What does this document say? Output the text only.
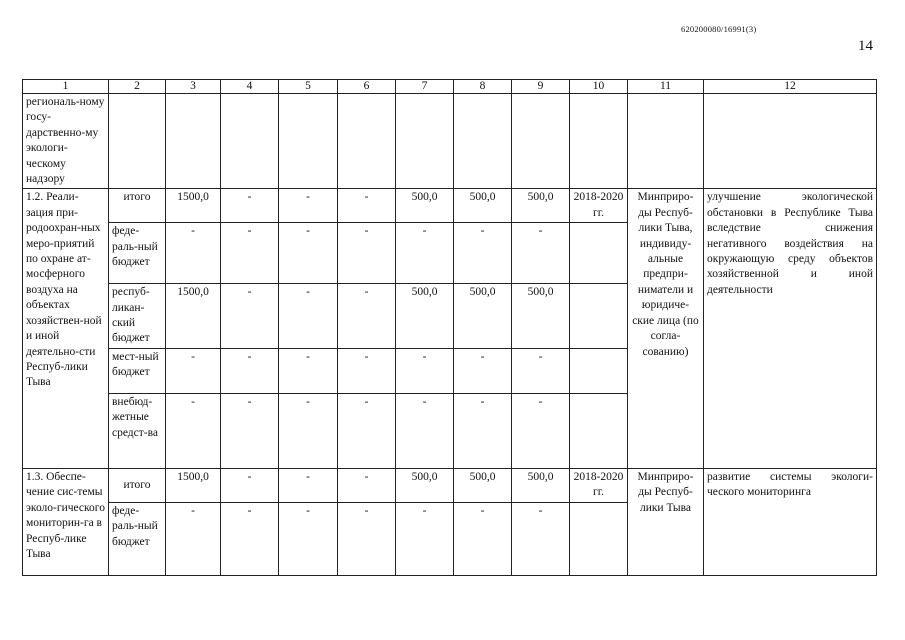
620200080/16991(3)
14
1	2	3	4	5	6	7	8	9	10	11	12
региональ-ному госу-дарственно-му экологи-ческому надзору											
1.2. Реали-зация при-родоохран-ных меро-приятий по охране ат-мосферного воздуха на объектах хозяйствен-ной и иной деятельно-сти Респуб-лики Тыва	итого	1500,0	-	-	-	500,0	500,0	500,0	2018-2020 гг.	Минприро-ды Респуб-лики Тыва, индивиду-альные предпри-ниматели и юридиче-ские лица (по согла-сованию)	улучшение экологической обстановки в Республике Тыва вследствие снижения негативного воздействия на окружающую среду объектов хозяйственной и иной деятельности
	феде-раль-ный бюджет	-	-	-	-	-	-	-			
	респуб-ликан-ский бюджет	1500,0	-	-	-	500,0	500,0	500,0			
	мест-ный бюджет	-	-	-	-	-	-	-			
	внебюд-жетные средст-ва	-	-	-	-	-	-	-			
1.3. Обеспе-чение сис-темы эколо-гического мониторин-га в Респуб-лике Тыва	итого	1500,0	-	-	-	500,0	500,0	500,0	2018-2020 гг.	Минприро-ды Респуб-лики Тыва	развитие системы экологи-ческого мониторинга
	феде-раль-ный бюджет	-	-	-	-	-	-	-			
